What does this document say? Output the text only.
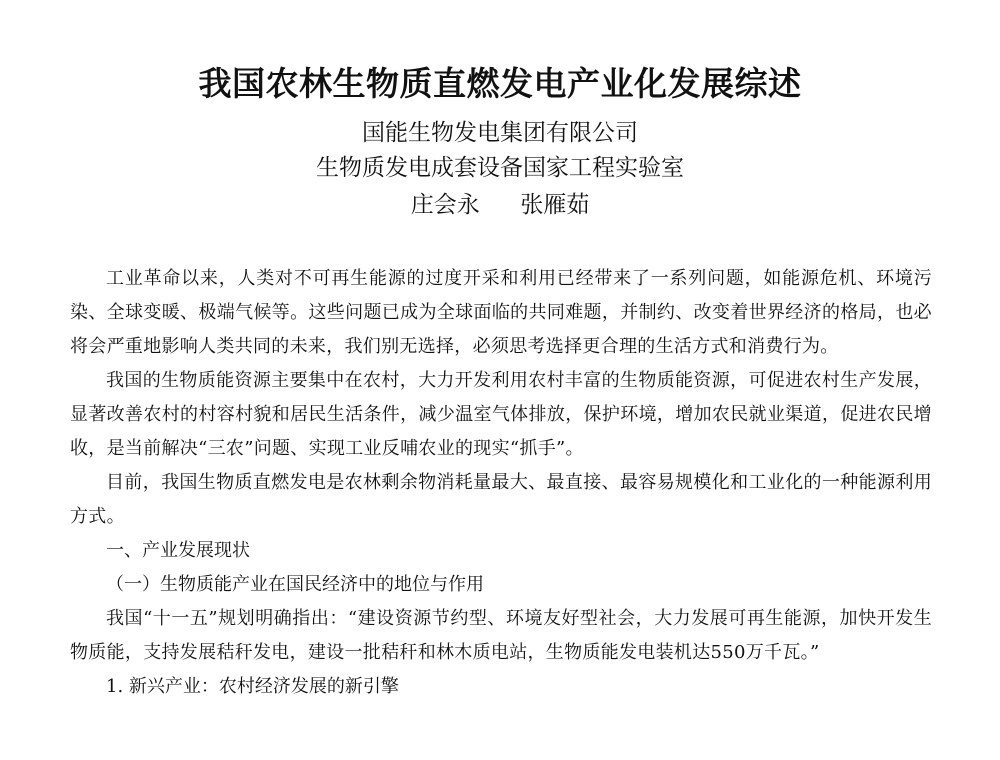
我国农林生物质直燃发电产业化发展综述
国能生物发电集团有限公司
生物质发电成套设备国家工程实验室
庄会永 张雁茹

工业革命以来，人类对不可再生能源的过度开采和利用已经带来了一系列问题，如能源危机、环境污染、全球变暖、极端气候等。这些问题已成为全球面临的共同难题，并制约、改变着世界经济的格局，也必将会严重地影响人类共同的未来，我们别无选择，必须思考选择更合理的生活方式和消费行为。

我国的生物质能资源主要集中在农村，大力开发利用农村丰富的生物质能资源，可促进农村生产发展，显著改善农村的村容村貌和居民生活条件，减少温室气体排放，保护环境，增加农民就业渠道，促进农民增收，是当前解决“三农”问题、实现工业反哺农业的现实“抓手”。

目前，我国生物质直燃发电是农林剩余物消耗量最大、最直接、最容易规模化和工业化的一种能源利用方式。

一、产业发展现状

（一）生物质能产业在国民经济中的地位与作用

我国“十一五”规划明确指出：“建设资源节约型、环境友好型社会，大力发展可再生能源，加快开发生物质能，支持发展秸秆发电，建设一批秸秆和林木质电站，生物质能发电装机达550万千瓦。”

1. 新兴产业：农村经济发展的新引擎
